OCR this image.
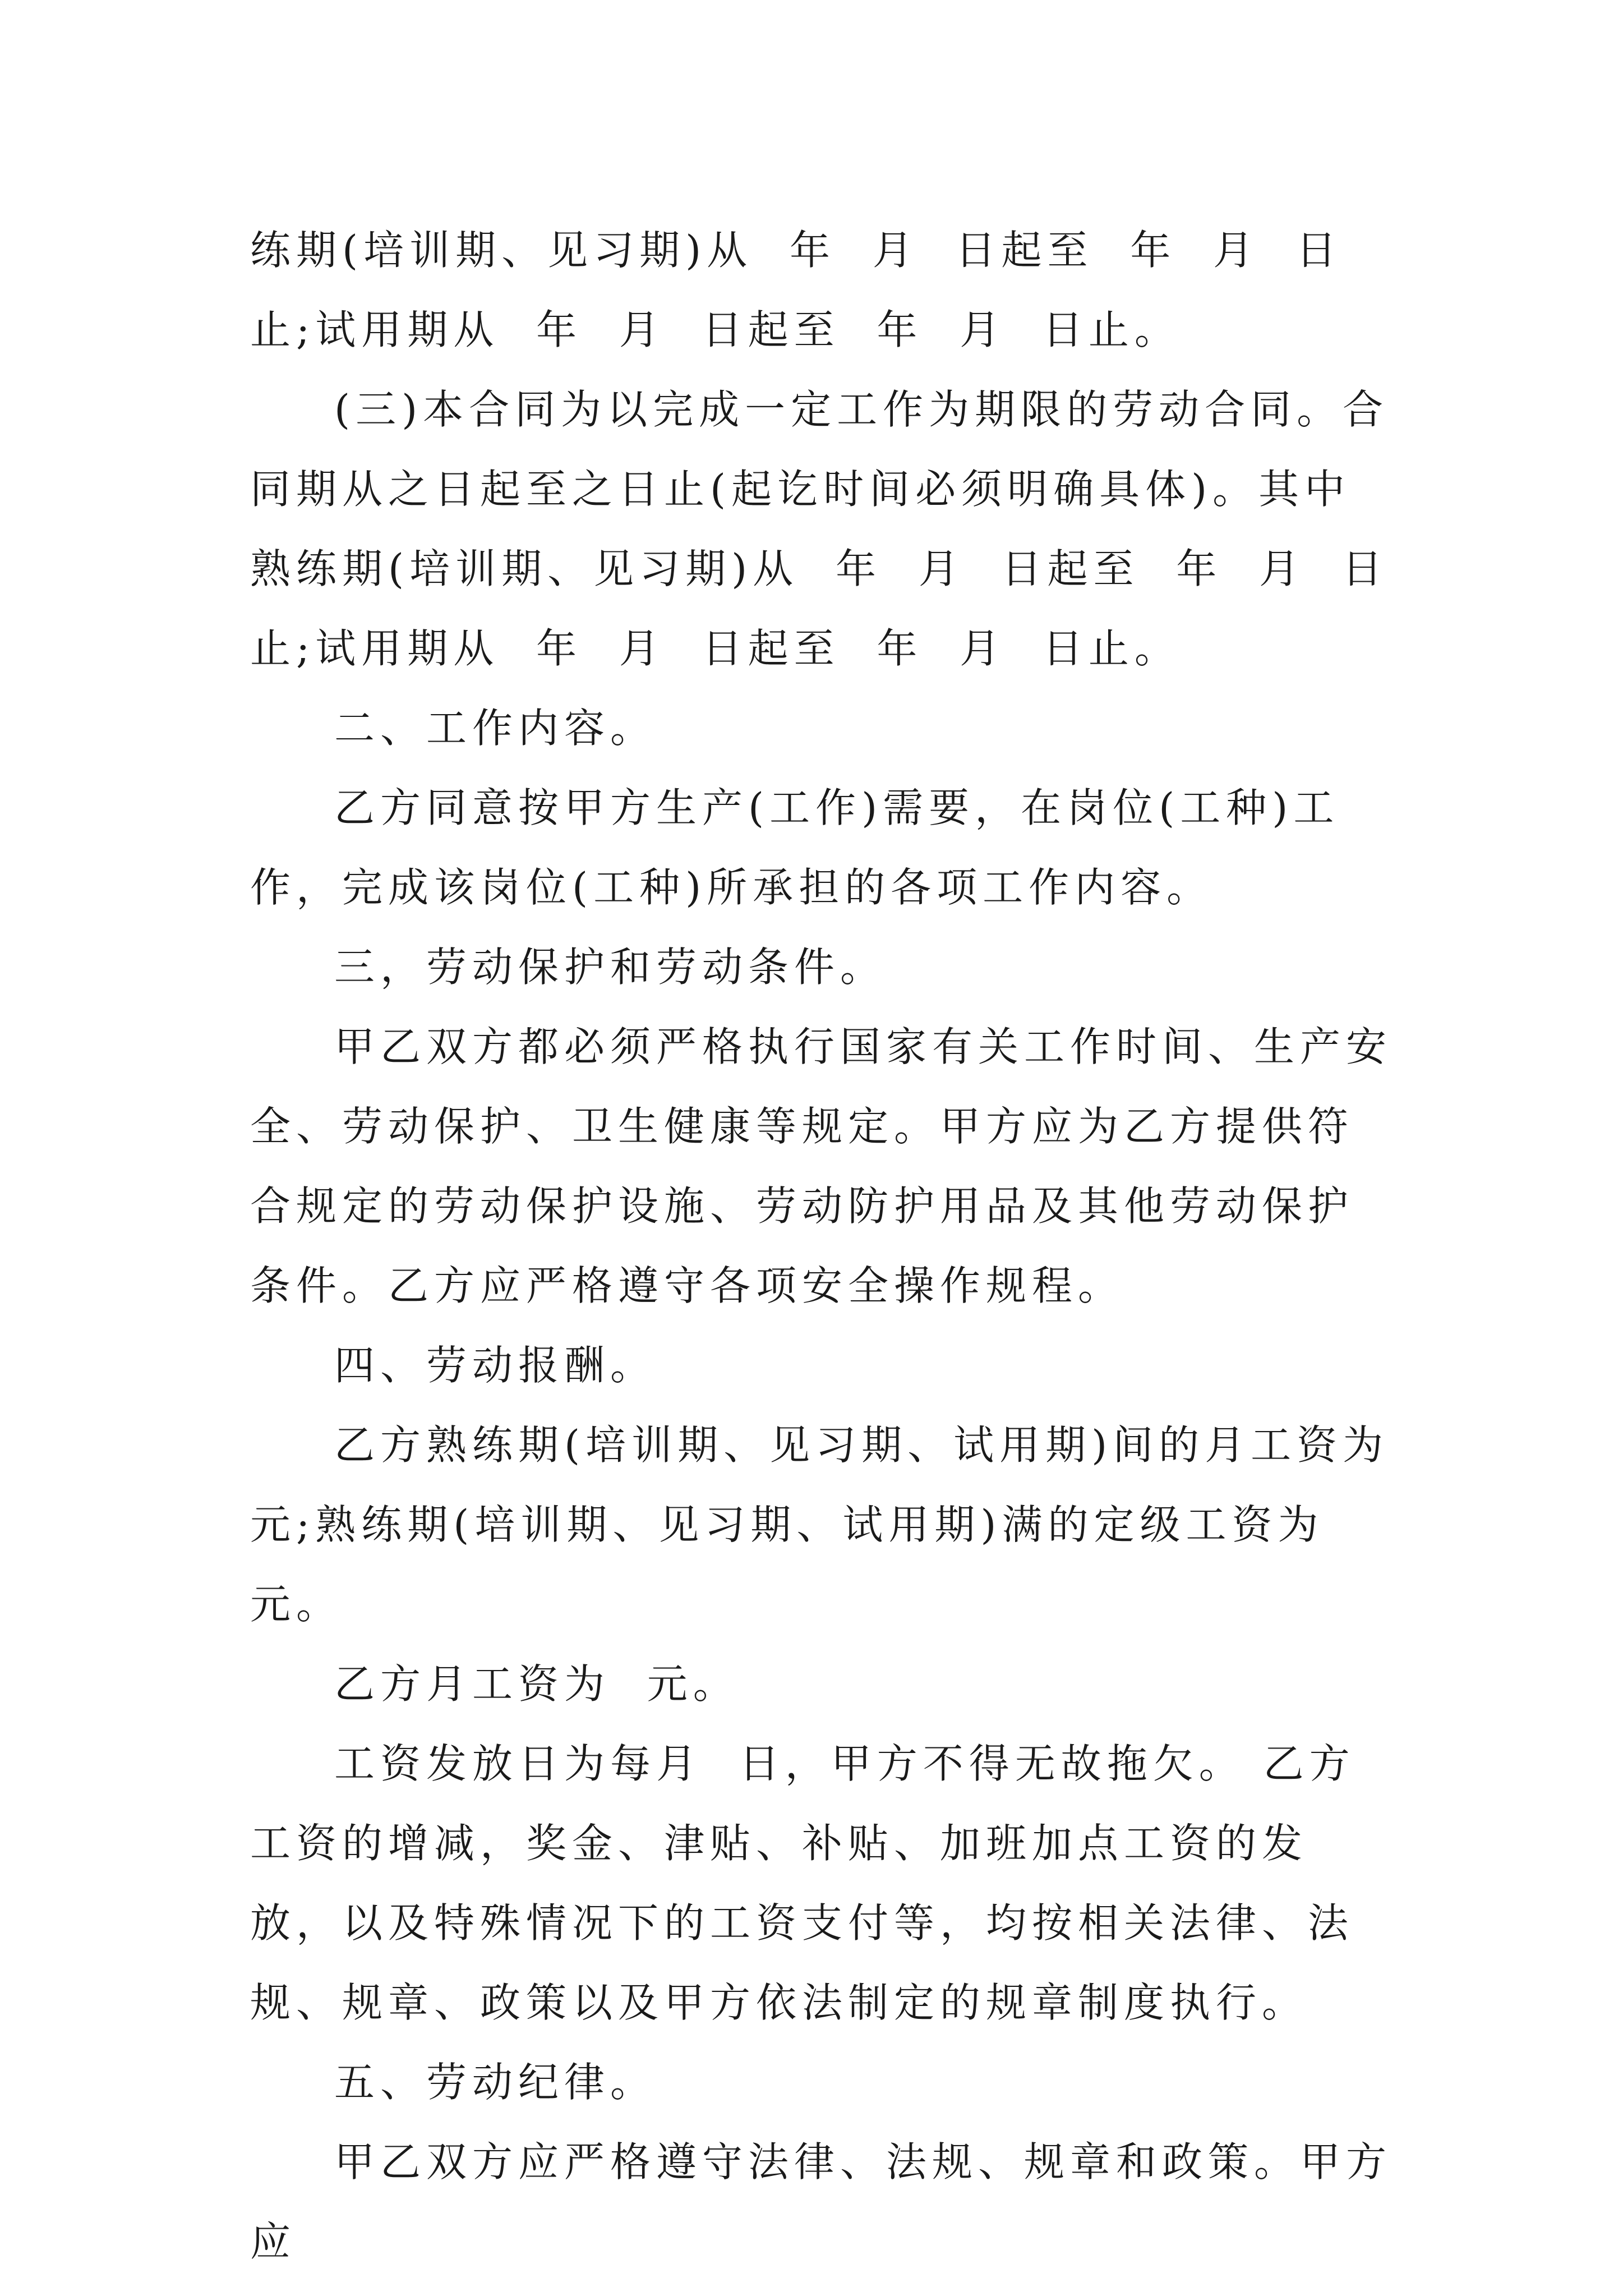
练期(培训期、见习期)从  年  月  日起至  年  月  日止;试用期从  年  月  日起至  年  月  日止。

(三)本合同为以完成一定工作为期限的劳动合同。合同期从之日起至之日止(起讫时间必须明确具体)。其中熟练期(培训期、见习期)从  年  月  日起至  年  月  日止;试用期从  年  月  日起至  年  月  日止。

二、工作内容。

乙方同意按甲方生产(工作)需要，在岗位(工种)工作，完成该岗位(工种)所承担的各项工作内容。

三，劳动保护和劳动条件。

甲乙双方都必须严格执行国家有关工作时间、生产安全、劳动保护、卫生健康等规定。甲方应为乙方提供符合规定的劳动保护设施、劳动防护用品及其他劳动保护条件。乙方应严格遵守各项安全操作规程。

四、劳动报酬。

乙方熟练期(培训期、见习期、试用期)间的月工资为  元;熟练期(培训期、见习期、试用期)满的定级工资为  元。

乙方月工资为  元。

工资发放日为每月  日，甲方不得无故拖欠。 乙方工资的增减，奖金、津贴、补贴、加班加点工资的发放，以及特殊情况下的工资支付等，均按相关法律、法规、规章、政策以及甲方依法制定的规章制度执行。

五、劳动纪律。

甲乙双方应严格遵守法律、法规、规章和政策。甲方应
